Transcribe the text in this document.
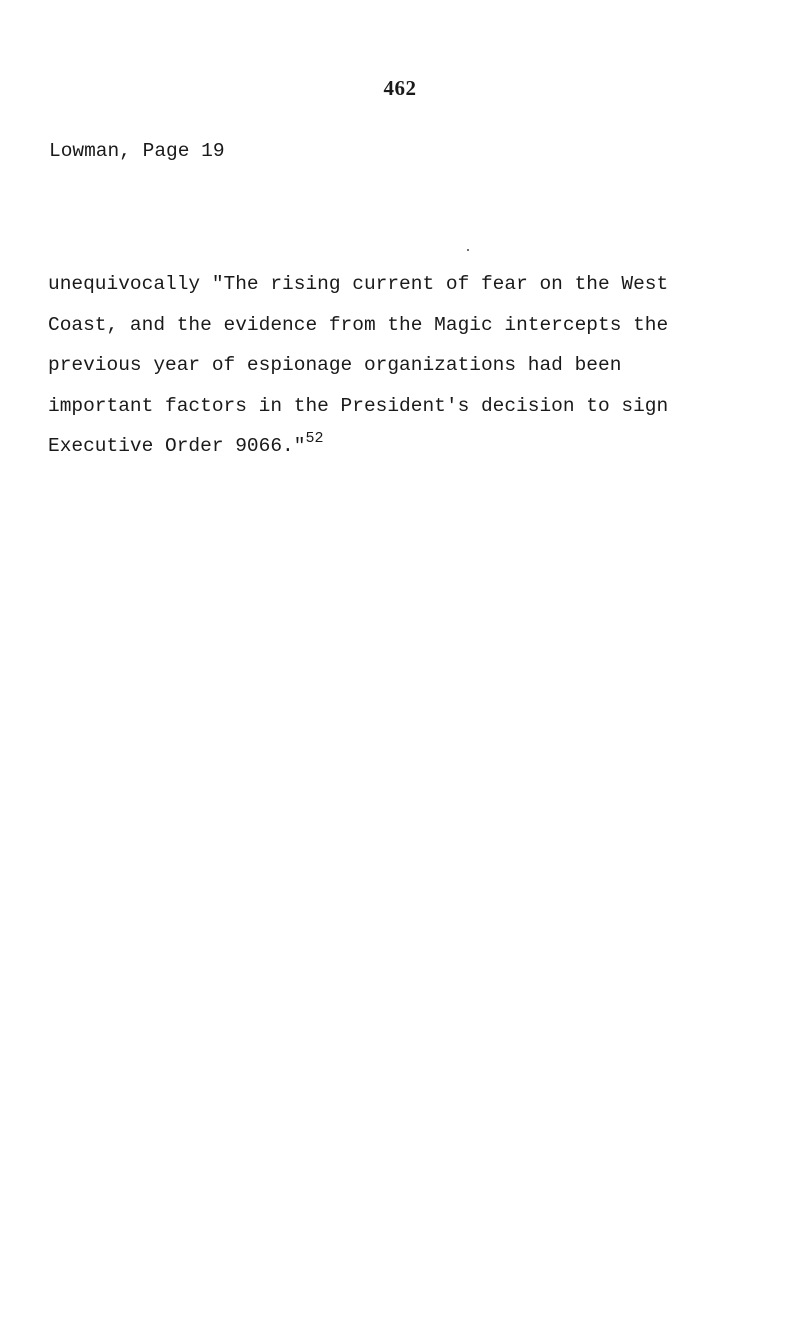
462
Lowman, Page 19
unequivocally "The rising current of fear on the West
Coast, and the evidence from the Magic intercepts the
previous year of espionage organizations had been
important factors in the President's decision to sign
Executive Order 9066."$^{52}$
